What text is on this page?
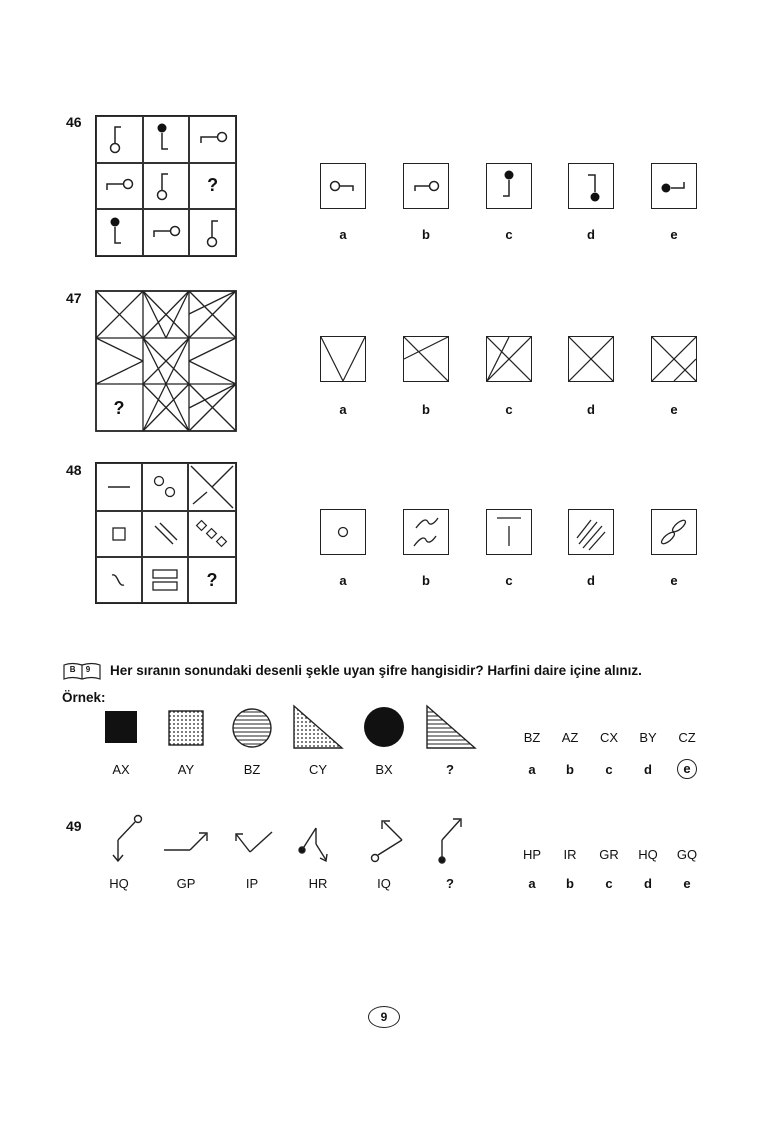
46
?
a	b	c	d	e
47
?	a	b	c	d	e
48
?	a	b	c	d	e
B 9	Her sıranın sonundaki desenli şekle uyan şifre hangisidir? Harfini daire içine alınız.
Örnek:
AX	AY	BZ	CY	BX	?
BZ	AZ	CX	BY	CZ
a	b	c	d	e
49
HQ	GP	IP	HR	IQ	?
HP	IR	GR	HQ	GQ
a	b	c	d	e
9
